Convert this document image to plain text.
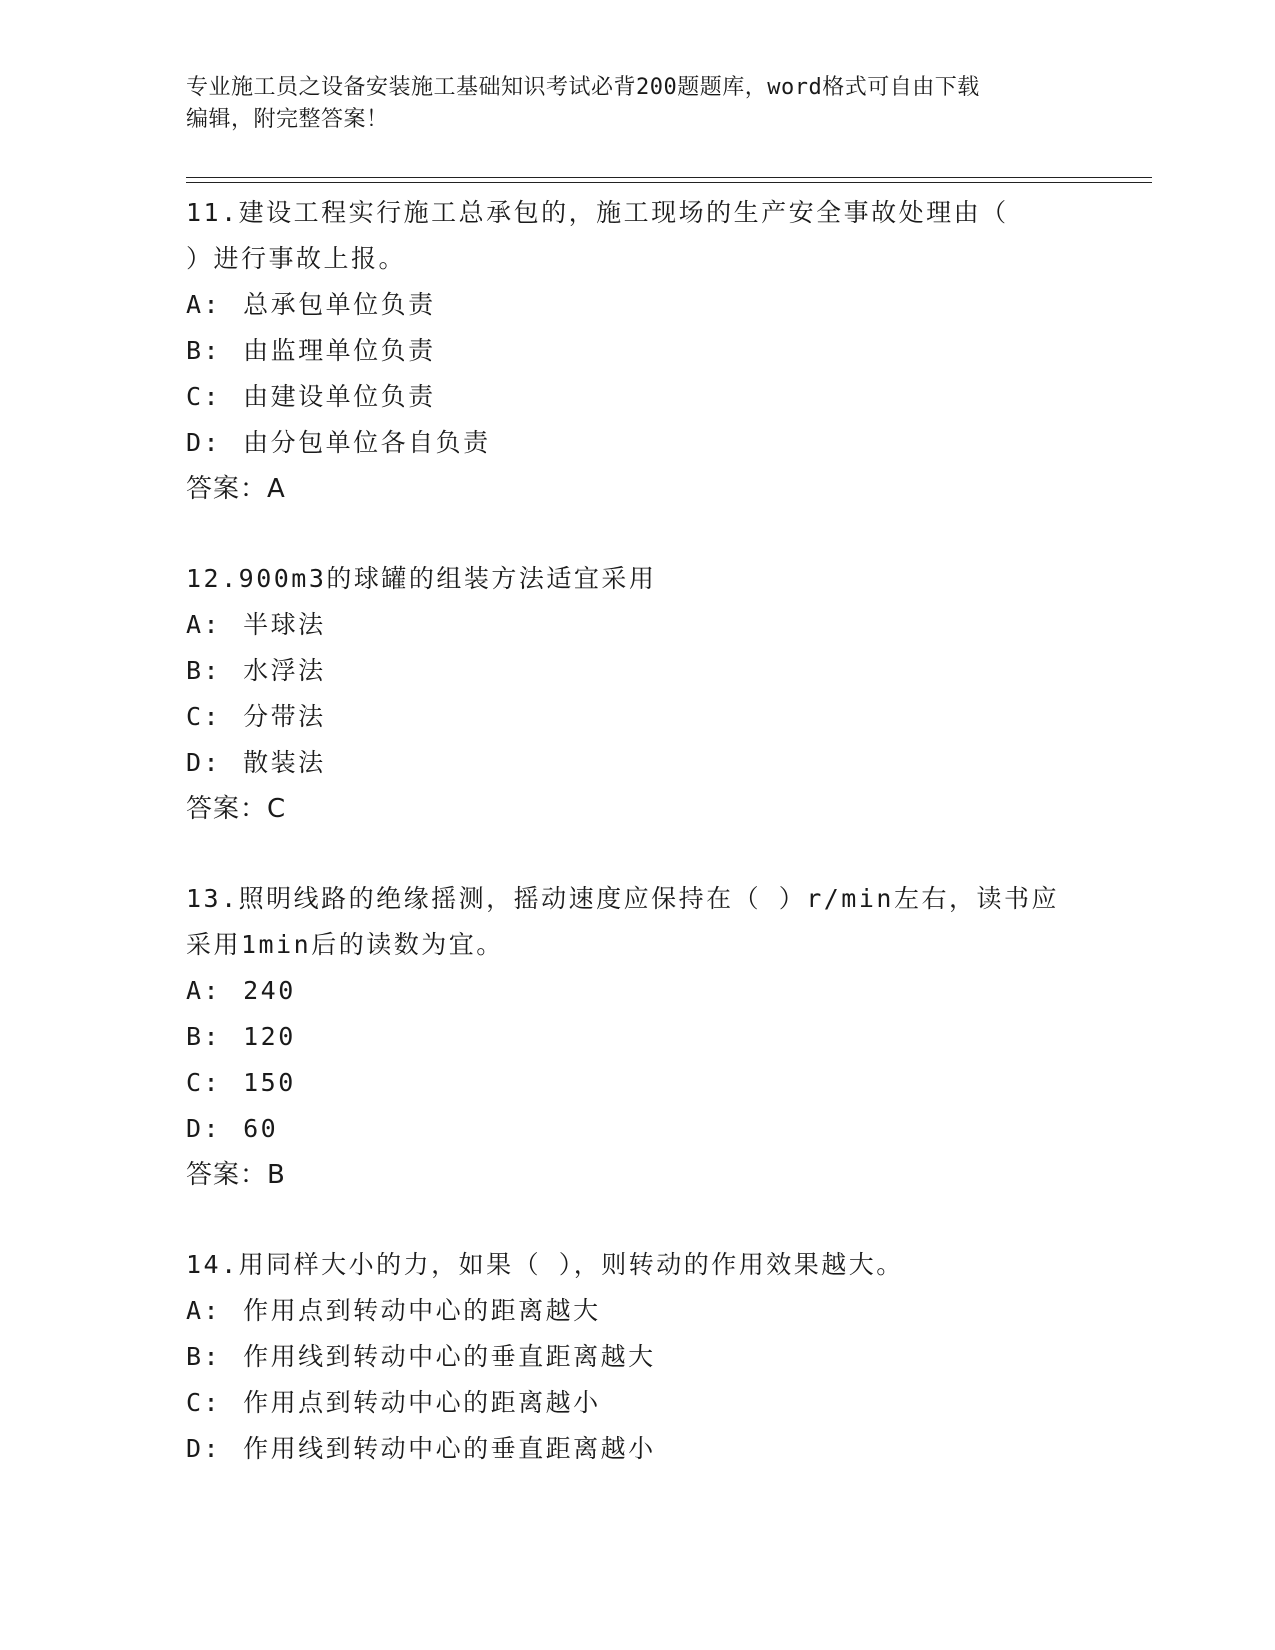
专业施工员之设备安装施工基础知识考试必背200题题库，word格式可自由下载
编辑，附完整答案！
11.建设工程实行施工总承包的，施工现场的生产安全事故处理由（
）进行事故上报。
A: 总承包单位负责
B: 由监理单位负责
C: 由建设单位负责
D: 由分包单位各自负责
答案：A
12.900m3的球罐的组装方法适宜采用
A: 半球法
B: 水浮法
C: 分带法
D: 散装法
答案：C
13.照明线路的绝缘摇测，摇动速度应保持在（ ）r/min左右，读书应
采用1min后的读数为宜。
A: 240
B: 120
C: 150
D: 60
答案：B
14.用同样大小的力，如果（ ），则转动的作用效果越大。
A: 作用点到转动中心的距离越大
B: 作用线到转动中心的垂直距离越大
C: 作用点到转动中心的距离越小
D: 作用线到转动中心的垂直距离越小
